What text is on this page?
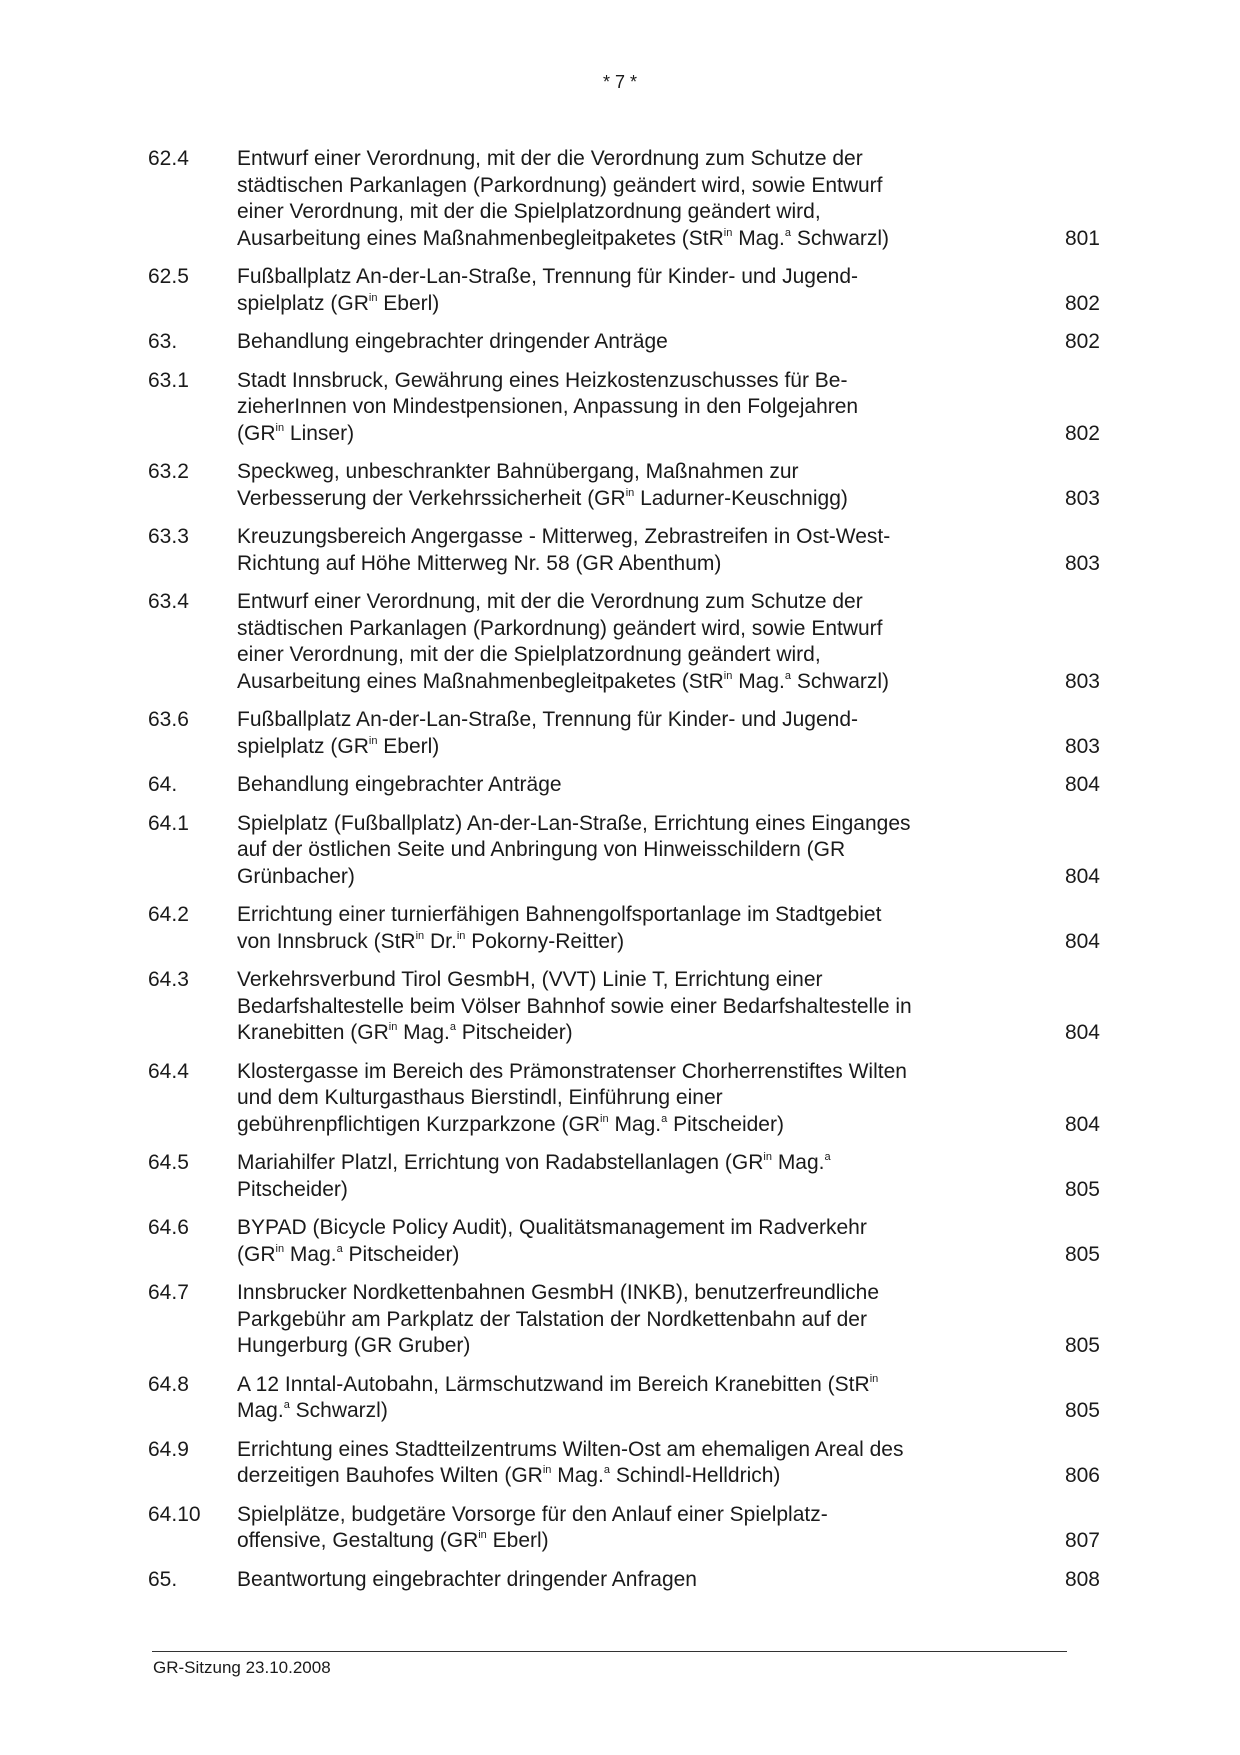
* 7 *
62.4	Entwurf einer Verordnung, mit der die Verordnung zum Schutze der
städtischen Parkanlagen (Parkordnung) geändert wird, sowie Entwurf
einer Verordnung, mit der die Spielplatzordnung geändert wird,
Ausarbeitung eines Maßnahmenbegleitpaketes (StR$^{in}$ Mag.$^a$ Schwarzl)	801
62.5	Fußballplatz An-der-Lan-Straße, Trennung für Kinder- und Jugend-
spielplatz ($GR^{in}$ Eberl)	802
63.	Behandlung eingebrachter dringender Anträge	802
63.1	Stadt Innsbruck, Gewährung eines Heizkostenzuschusses für Be-
zieherInnen von Mindestpensionen, Anpassung in den Folgejahren
($GR^{in}$ Linser)	802
63.2	Speckweg, unbeschrankter Bahnübergang, Maßnahmen zur
Verbesserung der Verkehrssicherheit ($GR^{in}$ Ladurner-Keuschnigg)	803
63.3	Kreuzungsbereich Angergasse - Mitterweg, Zebrastreifen in Ost-West-
Richtung auf Höhe Mitterweg Nr. 58 (GR Abenthum)	803
63.4	Entwurf einer Verordnung, mit der die Verordnung zum Schutze der
städtischen Parkanlagen (Parkordnung) geändert wird, sowie Entwurf
einer Verordnung, mit der die Spielplatzordnung geändert wird,
Ausarbeitung eines Maßnahmenbegleitpaketes (StR$^{in}$ Mag.$^a$ Schwarzl)	803
63.6	Fußballplatz An-der-Lan-Straße, Trennung für Kinder- und Jugend-
spielplatz ($GR^{in}$ Eberl)	803
64.	Behandlung eingebrachter Anträge	804
64.1	Spielplatz (Fußballplatz) An-der-Lan-Straße, Errichtung eines Einganges
auf der östlichen Seite und Anbringung von Hinweisschildern (GR
Grünbacher)	804
64.2	Errichtung einer turnierfähigen Bahnengolfsportanlage im Stadtgebiet
von Innsbruck (StR$^{in}$ Dr.$^{in}$ Pokorny-Reitter)	804
64.3	Verkehrsverbund Tirol GesmbH, (VVT) Linie T, Errichtung einer
Bedarfshaltestelle beim Völser Bahnhof sowie einer Bedarfshaltestelle in
Kranebitten ($GR^{in}$ Mag.$^a$ Pitscheider)	804
64.4	Klostergasse im Bereich des Prämonstratenser Chorherrenstiftes Wilten
und dem Kulturgasthaus Bierstindl, Einführung einer
gebührenpflichtigen Kurzparkzone ($GR^{in}$ Mag.$^a$ Pitscheider)	804
64.5	Mariahilfer Platzl, Errichtung von Radabstellanlagen ($GR^{in}$ Mag.$^a$
Pitscheider)	805
64.6	BYPAD (Bicycle Policy Audit), Qualitätsmanagement im Radverkehr
($GR^{in}$ Mag.$^a$ Pitscheider)	805
64.7	Innsbrucker Nordkettenbahnen GesmbH (INKB), benutzerfreundliche
Parkgebühr am Parkplatz der Talstation der Nordkettenbahn auf der
Hungerburg (GR Gruber)	805
64.8	A 12 Inntal-Autobahn, Lärmschutzwand im Bereich Kranebitten (StR$^{in}$
Mag.$^a$ Schwarzl)	805
64.9	Errichtung eines Stadtteilzentrums Wilten-Ost am ehemaligen Areal des
derzeitigen Bauhofes Wilten ($GR^{in}$ Mag.$^a$ Schindl-Helldrich)	806
64.10	Spielplätze, budgetäre Vorsorge für den Anlauf einer Spielplatz-
offensive, Gestaltung ($GR^{in}$ Eberl)	807
65.	Beantwortung eingebrachter dringender Anfragen	808
GR-Sitzung 23.10.2008
